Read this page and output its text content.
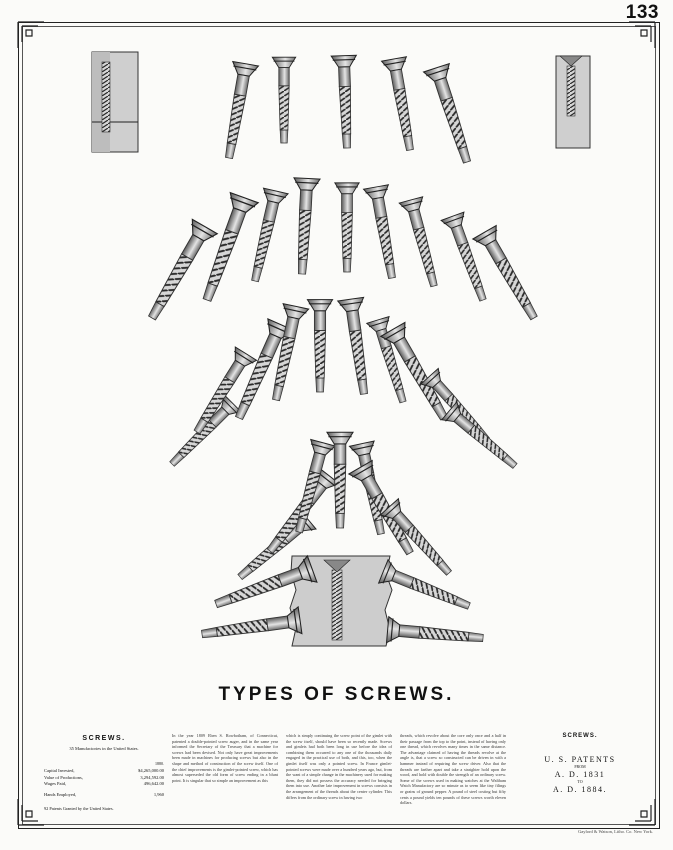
133
TYPES OF SCREWS.
SCREWS.
35 Manufactories in the United States.
1880.
Capital Invested,	$4,265,000.00
Value of Productions,	3,294,592.00
Wages Paid,	496,642.00
Hands Employed,	1,960
92 Patents Granted by the United States.
In the year 1809 Eben S. Rowbotham, of Connecticut, patented a double-pointed screw auger, and in the same year informed the Secretary of the Treasury that a machine for screws had been devised. Not only have great improvements been made in machines for producing screws but also in the shape and method of construction of the screw itself. One of the chief improvements is the gimlet-pointed screw, which has almost superseded the old form of screw ending in a blunt point. It is singular that so simple an improvement as this
which is simply continuing the screw point of the gimlet with the screw itself, should have been so recently made. Screws and gimlets had both been long in use before the idea of combining them occurred to any one of the thousands daily engaged in the practical use of both, and this, too, when the gimlet itself was only a pointed screw. In France gimlet-pointed screws were made over a hundred years ago, but, from the want of a simple change in the machinery used for making them, they did not possess the accuracy needed for bringing them into use. Another late improvement in screws consists in the arrangement of the threads about the center cylinder. This differs from the ordinary screw in having two
threads, which revolve about the core only once and a half in their passage from the top to the point, instead of having only one thread, which revolves many times in the same distance. The advantage claimed of having the threads revolve at the angle is, that a screw so constructed can be driven in with a hammer instead of requiring the screw driver. Also that the threads are farther apart and take a straighter hold upon the wood, and hold with double the strength of an ordinary screw. Some of the screws used in making watches at the Waltham Watch Manufactory are so minute as to seem like tiny filings or grains of ground pepper. A pound of steel costing but fifty cents a pound yields ten pounds of these screws worth eleven dollars.
SCREWS.
U. S. PATENTS
FROM
A. D. 1831
TO
A. D. 1884.
Gaylord & Watson, Litho. Co. New York.
